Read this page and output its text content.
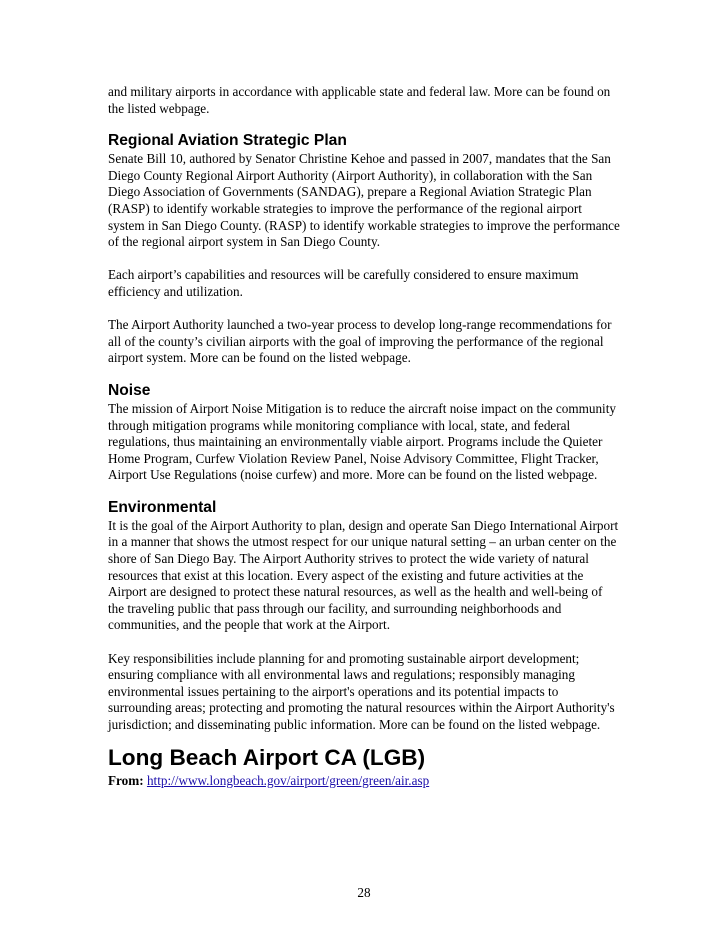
and military airports in accordance with applicable state and federal law. More can be found on the listed webpage.

Regional Aviation Strategic Plan

Senate Bill 10, authored by Senator Christine Kehoe and passed in 2007, mandates that the San Diego County Regional Airport Authority (Airport Authority), in collaboration with the San Diego Association of Governments (SANDAG), prepare a Regional Aviation Strategic Plan (RASP) to identify workable strategies to improve the performance of the regional airport system in San Diego County. (RASP) to identify workable strategies to improve the performance of the regional airport system in San Diego County.

Each airport’s capabilities and resources will be carefully considered to ensure maximum efficiency and utilization.

The Airport Authority launched a two-year process to develop long-range recommendations for all of the county’s civilian airports with the goal of improving the performance of the regional airport system. More can be found on the listed webpage.

Noise

The mission of Airport Noise Mitigation is to reduce the aircraft noise impact on the community through mitigation programs while monitoring compliance with local, state, and federal regulations, thus maintaining an environmentally viable airport. Programs include the Quieter Home Program, Curfew Violation Review Panel, Noise Advisory Committee, Flight Tracker, Airport Use Regulations (noise curfew) and more. More can be found on the listed webpage.

Environmental

It is the goal of the Airport Authority to plan, design and operate San Diego International Airport in a manner that shows the utmost respect for our unique natural setting – an urban center on the shore of San Diego Bay. The Airport Authority strives to protect the wide variety of natural resources that exist at this location. Every aspect of the existing and future activities at the Airport are designed to protect these natural resources, as well as the health and well-being of the traveling public that pass through our facility, and surrounding neighborhoods and communities, and the people that work at the Airport.

Key responsibilities include planning for and promoting sustainable airport development; ensuring compliance with all environmental laws and regulations; responsibly managing environmental issues pertaining to the airport's operations and its potential impacts to surrounding areas; protecting and promoting the natural resources within the Airport Authority's jurisdiction; and disseminating public information. More can be found on the listed webpage.

Long Beach Airport CA (LGB)

From: http://www.longbeach.gov/airport/green/green/air.asp

28
